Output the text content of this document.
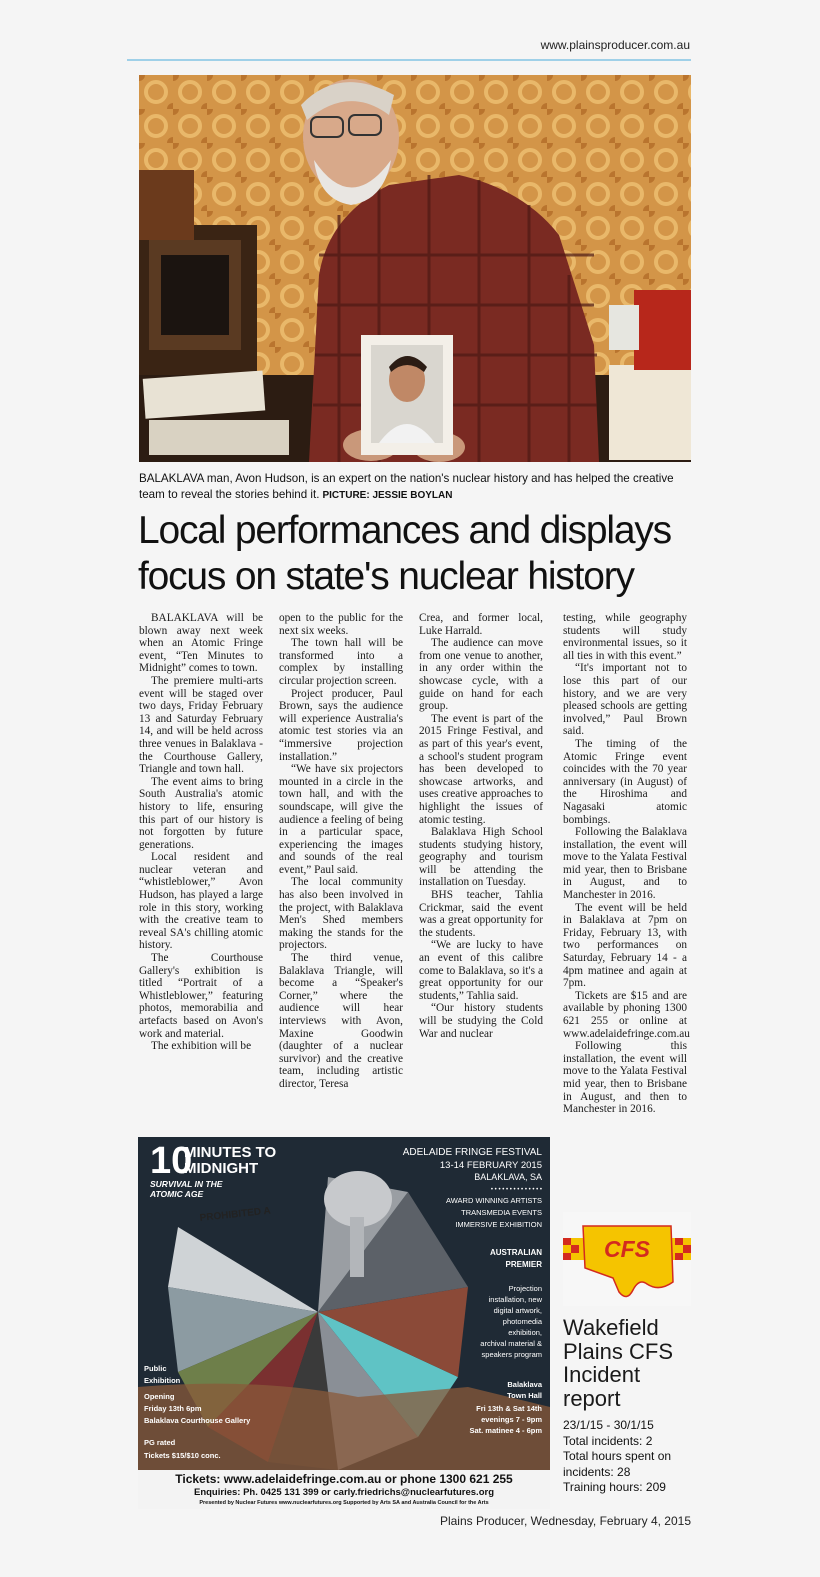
www.plainsproducer.com.au
BALAKLAVA man, Avon Hudson, is an expert on the nation's nuclear history and has helped the creative team to reveal the stories behind it. PICTURE: JESSIE BOYLAN
Local performances and displays
focus on state's nuclear history

BALAKLAVA will be blown away next week when an Atomic Fringe event, “Ten Minutes to Midnight” comes to town.

The premiere multi-arts event will be staged over two days, Friday February 13 and Saturday February 14, and will be held across three venues in Balaklava - the Courthouse Gallery, Triangle and town hall.

The event aims to bring South Australia's atomic history to life, ensuring this part of our history is not forgotten by future generations.

Local resident and nuclear veteran and “whistleblower,” Avon Hudson, has played a large role in this story, working with the creative team to reveal SA's chilling atomic history.

The Courthouse Gallery's exhibition is titled “Portrait of a Whistleblower,” featuring photos, memorabilia and artefacts based on Avon's work and material.

The exhibition will be

open to the public for the next six weeks.

The town hall will be transformed into a complex by installing circular projection screen.

Project producer, Paul Brown, says the audience will experience Australia's atomic test stories via an “immersive projection installation.”

“We have six projectors mounted in a circle in the town hall, and with the soundscape, will give the audience a feeling of being in a particular space, experiencing the images and sounds of the real event,” Paul said.

The local community has also been involved in the project, with Balaklava Men's Shed members making the stands for the projectors.

The third venue, Balaklava Triangle, will become a “Speaker's Corner,” where the audience will hear interviews with Avon, Maxine Goodwin (daughter of a nuclear survivor) and the creative team, including artistic director, Teresa

Crea, and former local, Luke Harrald.

The audience can move from one venue to another, in any order within the showcase cycle, with a guide on hand for each group.

The event is part of the 2015 Fringe Festival, and as part of this year's event, a school's student program has been developed to showcase artworks, and uses creative approaches to highlight the issues of atomic testing.

Balaklava High School students studying history, geography and tourism will be attending the installation on Tuesday.

BHS teacher, Tahlia Crickmar, said the event was a great opportunity for the students.

“We are lucky to have an event of this calibre come to Balaklava, so it's a great opportunity for our students,” Tahlia said.

“Our history students will be studying the Cold War and nuclear

testing, while geography students will study environmental issues, so it all ties in with this event.”

“It's important not to lose this part of our history, and we are very pleased schools are getting involved,” Paul Brown said.

The timing of the Atomic Fringe event coincides with the 70 year anniversary (in August) of the Hiroshima and Nagasaki atomic bombings.

Following the Balaklava installation, the event will move to the Yalata Festival mid year, then to Brisbane in August, and to Manchester in 2016.

The event will be held in Balaklava at 7pm on Friday, February 13, with two performances on Saturday, February 14 - a 4pm matinee and again at 7pm.

Tickets are $15 and are available by phoning 1300 621 255 or online at www.adelaidefringe.com.au

Following this installation, the event will move to the Yalata Festival mid year, then to Brisbane in August, and then to Manchester in 2016.

10
MINUTES TO
MIDNIGHT
SURVIVAL IN THE
ATOMIC AGE
PROHIBITED A
ADELAIDE FRINGE FESTIVAL
13-14 FEBRUARY 2015
BALAKLAVA, SA
• • • • • • • • • • • • • •
AWARD WINNING ARTISTS
TRANSMEDIA EVENTS
IMMERSIVE EXHIBITION
AUSTRALIAN
PREMIER
Projection
installation, new
digital artwork,
photomedia
exhibition,
archival material &
speakers program
Balaklava
Town Hall
Fri 13th & Sat 14th
evenings 7 - 9pm
Sat. matinee 4 - 6pm
Public
Exhibition
Opening
Friday 13th 6pm
Balaklava Courthouse Gallery
PG rated
Tickets $15/$10 conc.
Tickets: www.adelaidefringe.com.au or phone 1300 621 255
Enquiries: Ph. 0425 131 399 or carly.friedrichs@nuclearfutures.org
Presented by Nuclear Futures www.nuclearfutures.org Supported by Arts SA and Australia Council for the Arts
CFS
Wakefield Plains CFS Incident report
23/1/15 - 30/1/15
Total incidents: 2
Total hours spent on incidents: 28
Training hours: 209
Plains Producer, Wednesday, February 4, 2015
